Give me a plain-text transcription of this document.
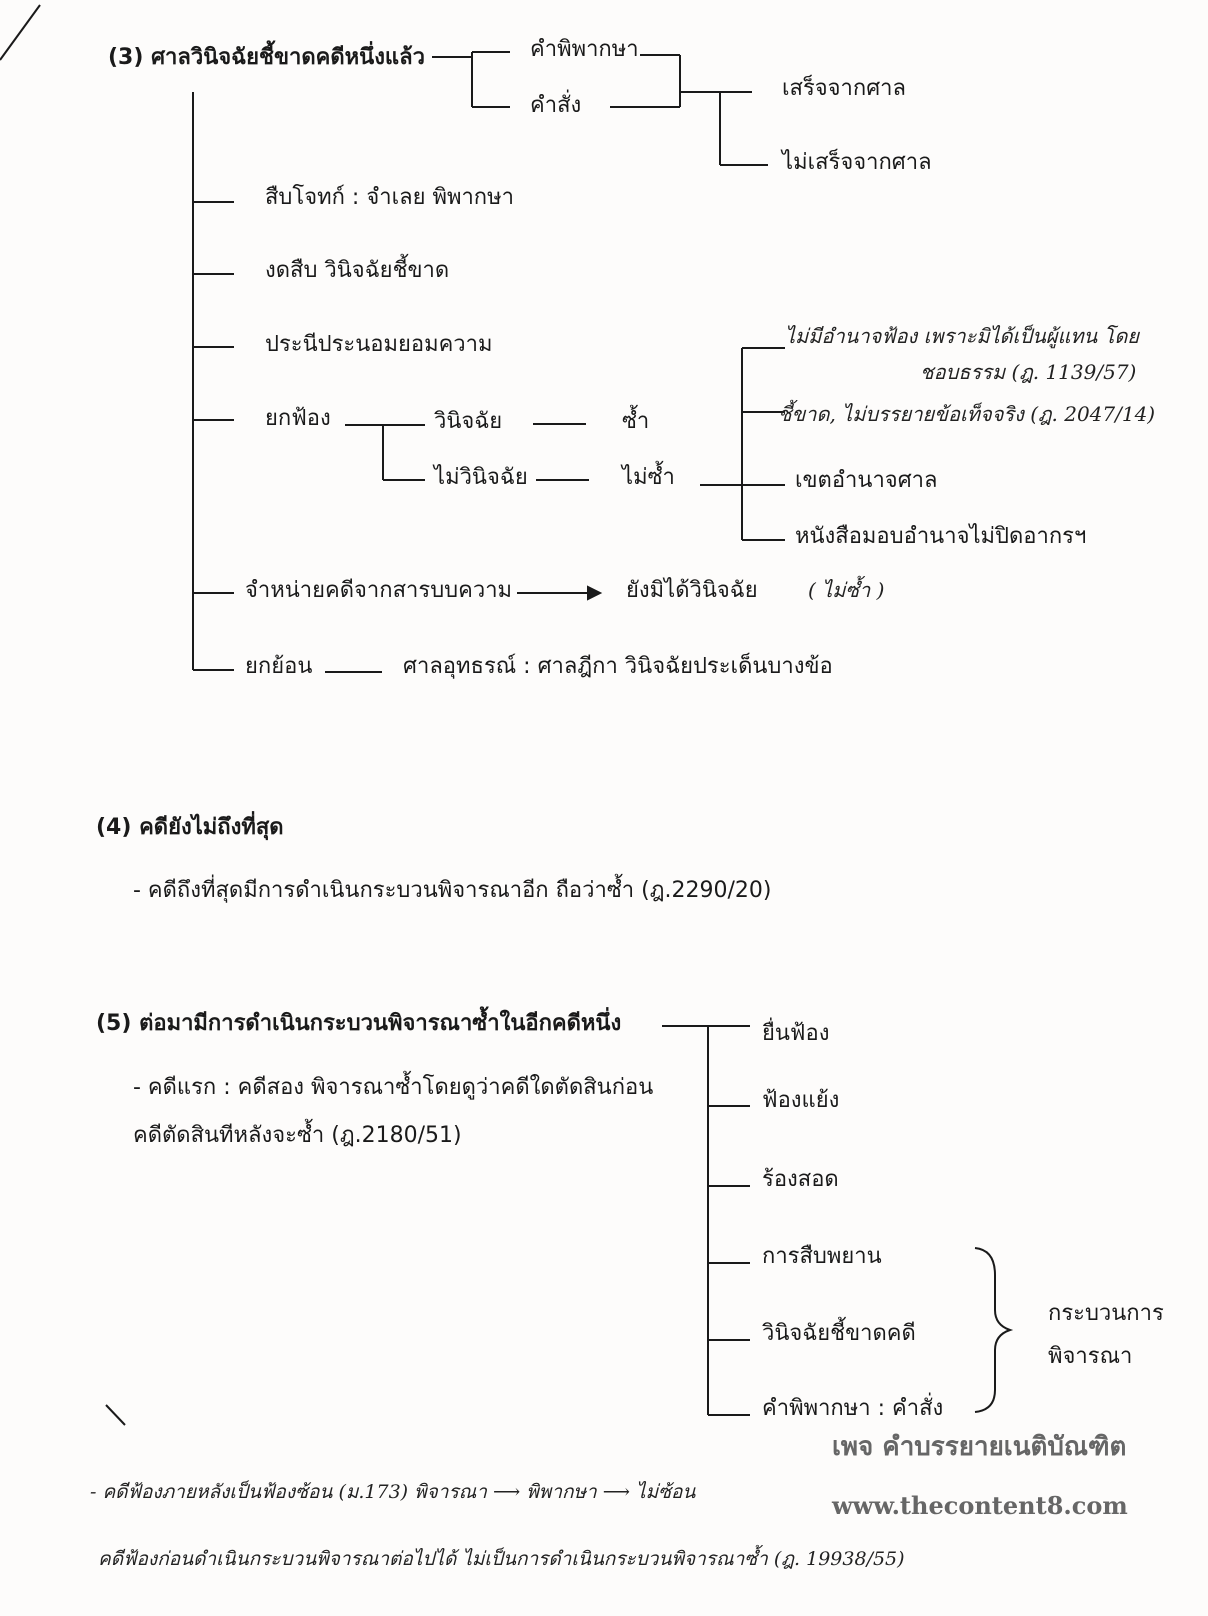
(3) ศาลวินิจฉัยชี้ขาดคดีหนึ่งแล้ว	คำพิพากษา
คำสั่ง
เสร็จจากศาล
ไม่เสร็จจากศาล
สืบโจทก์ : จำเลย พิพากษา
งดสืบ วินิจฉัยชี้ขาด
ประนีประนอมยอมความ
ยกฟ้อง	วินิจฉัย	ซ้ำ
ไม่วินิจฉัย	ไม่ซ้ำ
ไม่มีอำนาจฟ้อง เพราะมิได้เป็นผู้แทน โดย
ชอบธรรม (ฎ. 1139/57)
ชี้ขาด, ไม่บรรยายข้อเท็จจริง (ฎ. 2047/14)
เขตอำนาจศาล
หนังสือมอบอำนาจไม่ปิดอากรฯ
จำหน่ายคดีจากสารบบความ	ยังมิได้วินิจฉัย	( ไม่ซ้ำ )
ยกย้อน	ศาลอุทธรณ์ : ศาลฎีกา วินิจฉัยประเด็นบางข้อ
(4) คดียังไม่ถึงที่สุด
- คดีถึงที่สุดมีการดำเนินกระบวนพิจารณาอีก ถือว่าซ้ำ (ฎ.2290/20)
(5) ต่อมามีการดำเนินกระบวนพิจารณาซ้ำในอีกคดีหนึ่ง
- คดีแรก : คดีสอง พิจารณาซ้ำโดยดูว่าคดีใดตัดสินก่อน
คดีตัดสินทีหลังจะซ้ำ (ฎ.2180/51)
ยื่นฟ้อง
ฟ้องแย้ง
ร้องสอด
การสืบพยาน
วินิจฉัยชี้ขาดคดี
คำพิพากษา : คำสั่ง
กระบวนการ
พิจารณา
เพจ คำบรรยายเนติบัณฑิต
www.thecontent8.com
- คดีฟ้องภายหลังเป็นฟ้องซ้อน (ม.173) พิจารณา ⟶ พิพากษา ⟶ ไม่ซ้อน
คดีฟ้องก่อนดำเนินกระบวนพิจารณาต่อไปได้ ไม่เป็นการดำเนินกระบวนพิจารณาซ้ำ (ฎ. 19938/55)
